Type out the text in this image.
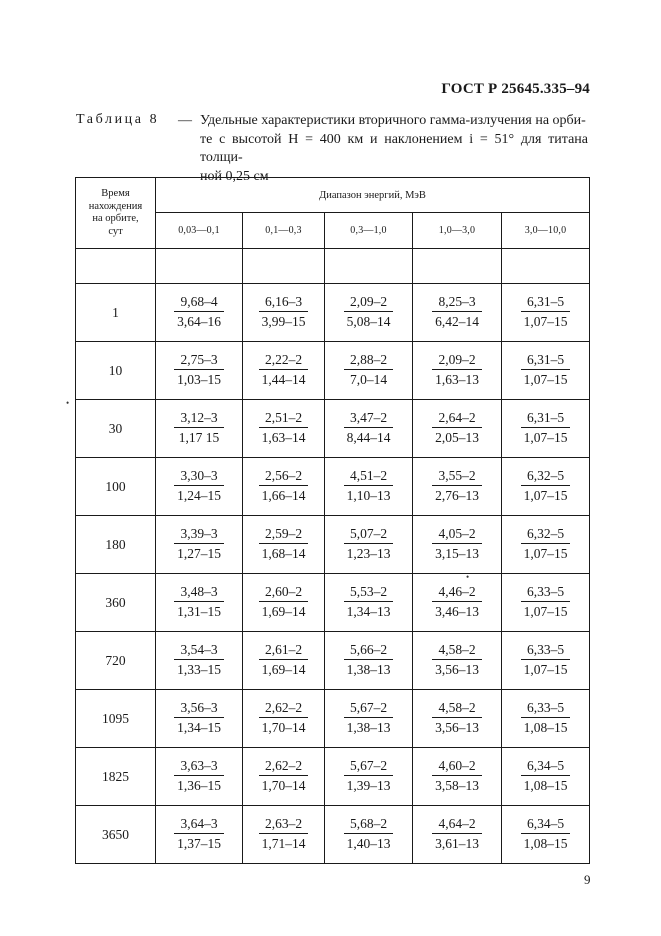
ГОСТ Р 25645.335–94
Таблица 8 — Удельные характеристики вторичного гамма-излучения на орби-
те с высотой H = 400 км и наклонением i = 51° для титана толщи-
ной 0,25 см
Время
нахождения
на орбите,
сут	Диапазон энергий, МэВ				
	0,03—0,1	0,1—0,3	0,3—1,0	1,0—3,0	3,0—10,0

1	$\frac{9,68-4}{3,64-16}$	$\frac{6,16-3}{3,99-15}$	$\frac{2,09-2}{5,08-14}$	$\frac{8,25-3}{6,42-14}$	$\frac{6,31-5}{1,07-15}$

10	$\frac{2,75-3}{1,03-15}$	$\frac{2,22-2}{1,44-14}$	$\frac{2,88-2}{7,0-14}$	$\frac{2,09-2}{1,63-13}$	$\frac{6,31-5}{1,07-15}$

30	$\frac{3,12-3}{1,17 15}$	$\frac{2,51-2}{1,63-14}$	$\frac{3,47-2}{8,44-14}$	$\frac{2,64-2}{2,05-13}$	$\frac{6,31-5}{1,07-15}$

100	$\frac{3,30-3}{1,24-15}$	$\frac{2,56-2}{1,66-14}$	$\frac{4,51-2}{1,10-13}$	$\frac{3,55-2}{2,76-13}$	$\frac{6,32-5}{1,07-15}$

180	$\frac{3,39-3}{1,27-15}$	$\frac{2,59-2}{1,68-14}$	$\frac{5,07-2}{1,23-13}$	$\frac{4,05-2}{3,15-13}$	$\frac{6,32-5}{1,07-15}$

360	$\frac{3,48-3}{1,31-15}$	$\frac{2,60-2}{1,69-14}$	$\frac{5,53-2}{1,34-13}$	$\frac{4,46-2}{3,46-13}$	$\frac{6,33-5}{1,07-15}$

720	$\frac{3,54-3}{1,33-15}$	$\frac{2,61-2}{1,69-14}$	$\frac{5,66-2}{1,38-13}$	$\frac{4,58-2}{3,56-13}$	$\frac{6,33-5}{1,07-15}$

1095	$\frac{3,56-3}{1,34-15}$	$\frac{2,62-2}{1,70-14}$	$\frac{5,67-2}{1,38-13}$	$\frac{4,58-2}{3,56-13}$	$\frac{6,33-5}{1,08-15}$

1825	$\frac{3,63-3}{1,36-15}$	$\frac{2,62-2}{1,70-14}$	$\frac{5,67-2}{1,39-13}$	$\frac{4,60-2}{3,58-13}$	$\frac{6,34-5}{1,08-15}$

3650	$\frac{3,64-3}{1,37-15}$	$\frac{2,63-2}{1,71-14}$	$\frac{5,68-2}{1,40-13}$	$\frac{4,64-2}{3,61-13}$	$\frac{6,34-5}{1,08-15}$
•
•
9
